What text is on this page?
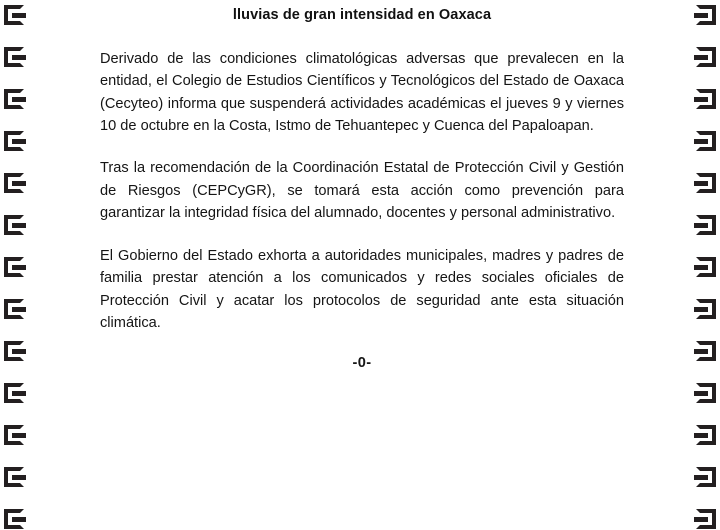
lluvias de gran intensidad en Oaxaca

Derivado de las condiciones climatológicas adversas que prevalecen en la entidad, el Colegio de Estudios Científicos y Tecnológicos del Estado de Oaxaca (Cecyteo) informa que suspenderá actividades académicas el jueves 9 y viernes 10 de octubre en la Costa, Istmo de Tehuantepec y Cuenca del Papaloapan.

Tras la recomendación de la Coordinación Estatal de Protección Civil y Gestión de Riesgos (CEPCyGR), se tomará esta acción como prevención para garantizar la integridad física del alumnado, docentes y personal administrativo.

El Gobierno del Estado exhorta a autoridades municipales, madres y padres de familia prestar atención a los comunicados y redes sociales oficiales de Protección Civil y acatar los protocolos de seguridad ante esta situación climática.

-0-
